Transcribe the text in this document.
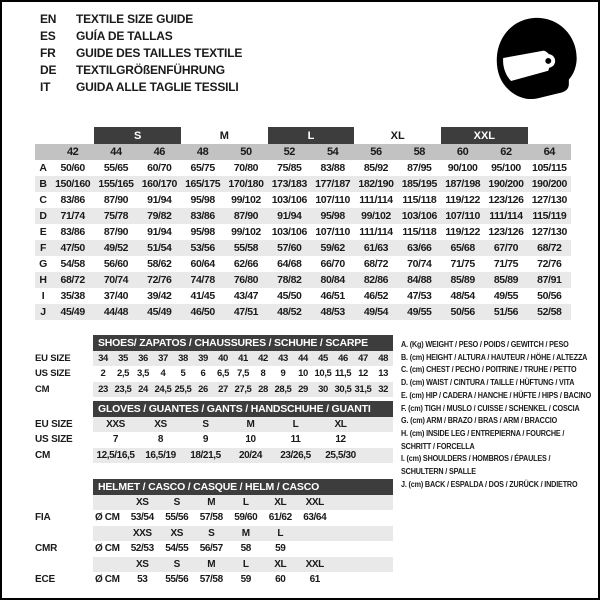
EN	TEXTILE SIZE GUIDE
ES	GUÍA DE TALLAS
FR	GUIDE DES TAILLES TEXTILE
DE	TEXTILGRÖßENFÜHRUNG
IT	GUIDA ALLE TAGLIE TESSILI
		S		M		L		XL		XXL		
	42	44	46	48	50	52	54	56	58	60	62	64
A	50/60	55/65	60/70	65/75	70/80	75/85	83/88	85/92	87/95	90/100	95/100	105/115
B	150/160	155/165	160/170	165/175	170/180	173/183	177/187	182/190	185/195	187/198	190/200	190/200
C	83/86	87/90	91/94	95/98	99/102	103/106	107/110	111/114	115/118	119/122	123/126	127/130
D	71/74	75/78	79/82	83/86	87/90	91/94	95/98	99/102	103/106	107/110	111/114	115/119
E	83/86	87/90	91/94	95/98	99/102	103/106	107/110	111/114	115/118	119/122	123/126	127/130
F	47/50	49/52	51/54	53/56	55/58	57/60	59/62	61/63	63/66	65/68	67/70	68/72
G	54/58	56/60	58/62	60/64	62/66	64/68	66/70	68/72	70/74	71/75	71/75	72/76
H	68/72	70/74	72/76	74/78	76/80	78/82	80/84	82/86	84/88	85/89	85/89	87/91
I	35/38	37/40	39/42	41/45	43/47	45/50	46/51	46/52	47/53	48/54	49/55	50/56
J	45/49	44/48	45/49	46/50	47/51	48/52	48/53	49/54	49/55	50/56	51/56	52/58
	SHOES/ ZAPATOS / CHAUSSURES / SCHUHE / SCARPE														
EU SIZE	34	35	36	37	38	39	40	41	42	43	44	45	46	47	48
US SIZE	2	2,5	3,5	4	5	6	6,5	7,5	8	9	10	10,5	11,5	12	13
CM	23	23,5	24	24,5	25,5	26	27	27,5	28	28,5	29	30	30,5	31,5	32
	GLOVES / GUANTES / GANTS / HANDSCHUHE / GUANTI						
EU SIZE	XXS	XS	S	M	L	XL	
US SIZE	7	8	9	10	11	12	
CM	12,5/16,5	16,5/19	18/21,5	20/24	23/26,5	25,5/30	
	HELMET / CASCO / CASQUE / HELM / CASCO							
		XS	S	M	L	XL	XXL	
FIA	Ø CM	53/54	55/56	57/58	59/60	61/62	63/64	
		XXS	XS	S	M	L		
CMR	Ø CM	52/53	54/55	56/57	58	59		
		XS	S	M	L	XL	XXL	
ECE	Ø CM	53	55/56	57/58	59	60	61	
A. (Kg) WEIGHT / PESO / POIDS / GEWITCH / PESO
B. (cm) HEIGHT / ALTURA / HAUTEUR / HÖHE / ALTEZZA
C. (cm) CHEST / PECHO / POITRINE / TRUHE / PETTO
D. (cm) WAIST / CINTURA / TAILLE / HÜFTUNG / VITA
E. (cm) HIP / CADERA / HANCHE / HÜFTE / HIPS / BACINO
F. (cm) TIGH / MUSLO / CUISSE / SCHENKEL / COSCIA
G. (cm) ARM / BRAZO / BRAS / ARM / BRACCIO
H. (cm) INSIDE LEG / ENTREPIERNA / FOURCHE / SCHRITT / FORCELLA
I. (cm) SHOULDERS / HOMBROS / ÉPAULES / SCHULTERN / SPALLE
J. (cm) BACK / ESPALDA / DOS / ZURÜCK / INDIETRO
